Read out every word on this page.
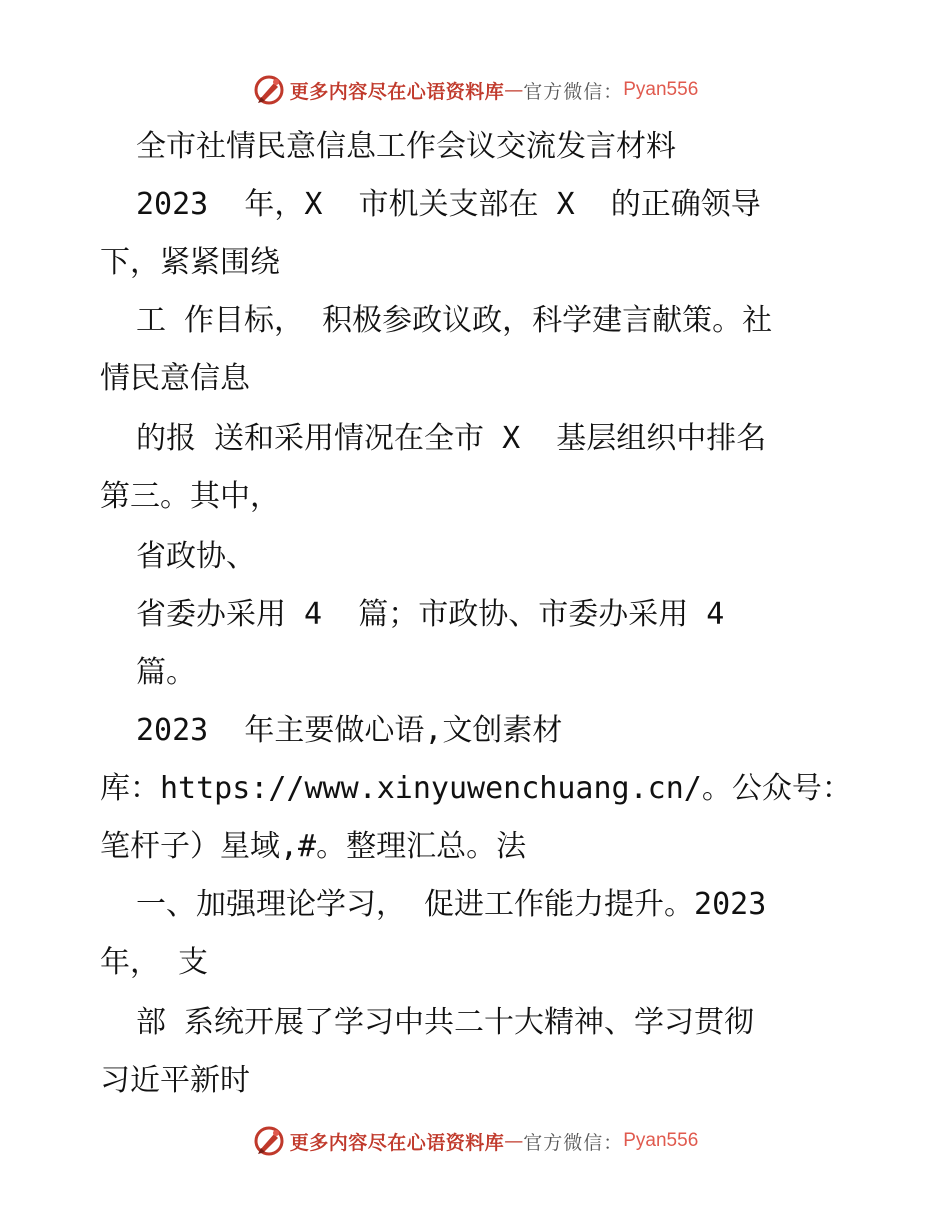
更多内容尽在心语资料库 — 官方微信： Pyan556
全市社情民意信息工作会议交流发言材料
2023  年，X  市机关支部在 X  的正确领导
下，紧紧围绕
工 作目标， 积极参政议政，科学建言献策。社
情民意信息
的报 送和采用情况在全市 X  基层组织中排名
第三。其中，
省政协、
省委办采用 4  篇；市政协、市委办采用 4
篇。
2023  年主要做心语,文创素材
库：https://www.xinyuwenchuang.cn/。公众号：
笔杆子）星域,#。整理汇总。法
一、加强理论学习， 促进工作能力提升。2023
年， 支
部 系统开展了学习中共二十大精神、学习贯彻
习近平新时
更多内容尽在心语资料库 — 官方微信： Pyan556
